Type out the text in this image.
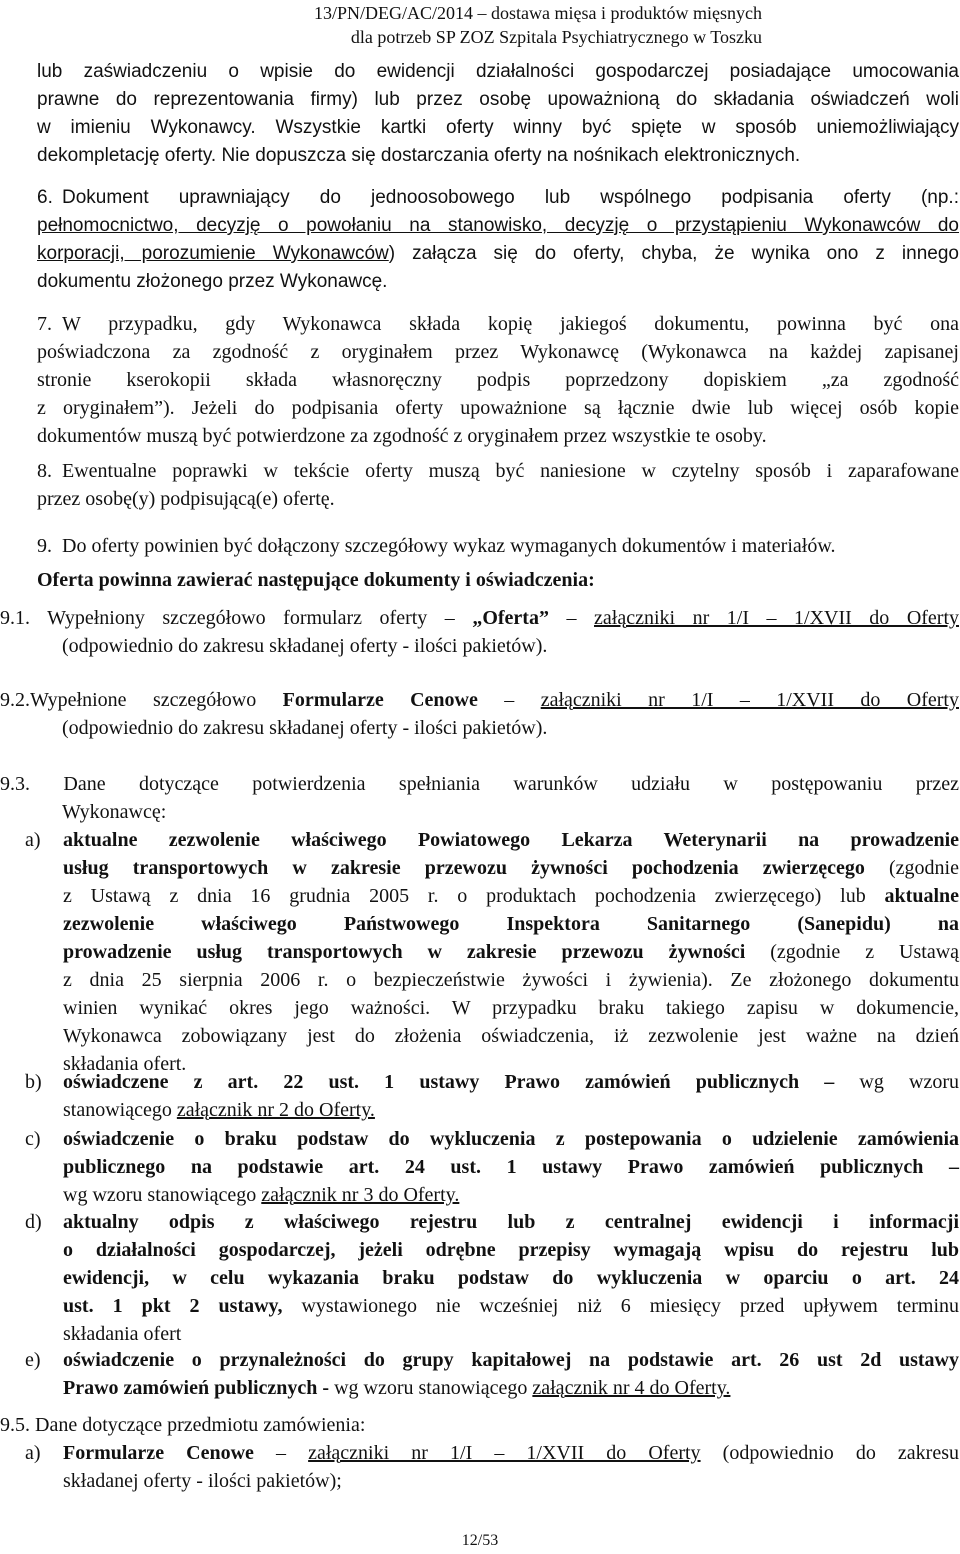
13/PN/DEG/AC/2014 – dostawa mięsa i produktów mięsnych
dla potrzeb SP ZOZ Szpitala Psychiatrycznego w Toszku
lub zaświadczeniu o wpisie do ewidencji działalności gospodarczej posiadające umocowania
prawne do reprezentowania firmy) lub przez osobę upoważnioną do składania oświadczeń woli
w imieniu Wykonawcy. Wszystkie kartki oferty winny być spięte w sposób uniemożliwiający
dekompletację oferty. Nie dopuszcza się dostarczania oferty na nośnikach elektronicznych.
6. Dokument uprawniający do jednoosobowego lub wspólnego podpisania oferty (np.:
pełnomocnictwo, decyzję o powołaniu na stanowisko, decyzję o przystąpieniu Wykonawców do
korporacji, porozumienie Wykonawców) załącza się do oferty, chyba, że wynika ono z innego
dokumentu złożonego przez Wykonawcę.
7. W przypadku, gdy Wykonawca składa kopię jakiegoś dokumentu, powinna być ona
poświadczona za zgodność z oryginałem przez Wykonawcę (Wykonawca na każdej zapisanej
stronie kserokopii składa własnoręczny podpis poprzedzony dopiskiem „za zgodność
z oryginałem”). Jeżeli do podpisania oferty upoważnione są łącznie dwie lub więcej osób kopie
dokumentów muszą być potwierdzone za zgodność z oryginałem przez wszystkie te osoby.
8. Ewentualne poprawki w tekście oferty muszą być naniesione w czytelny sposób i zaparafowane
przez osobę(y) podpisującą(e) ofertę.
9. Do oferty powinien być dołączony szczegółowy wykaz wymaganych dokumentów i materiałów.
Oferta powinna zawierać następujące dokumenty i oświadczenia:
9.1. Wypełniony szczegółowo formularz oferty – „Oferta” – załączniki nr 1/I – 1/XVII do Oferty
(odpowiednio do zakresu składanej oferty - ilości pakietów).
9.2.Wypełnione szczegółowo Formularze Cenowe – załączniki nr 1/I – 1/XVII do Oferty
(odpowiednio do zakresu składanej oferty - ilości pakietów).
9.3. Dane dotyczące potwierdzenia spełniania warunków udziału w postępowaniu przez
Wykonawcę:
a)	aktualne zezwolenie właściwego Powiatowego Lekarza Weterynarii na prowadzenie
usług transportowych w zakresie przewozu żywności pochodzenia zwierzęcego (zgodnie
z Ustawą z dnia 16 grudnia 2005 r. o produktach pochodzenia zwierzęcego) lub aktualne
zezwolenie właściwego Państwowego Inspektora Sanitarnego (Sanepidu) na
prowadzenie usług transportowych w zakresie przewozu żywności (zgodnie z Ustawą
z dnia 25 sierpnia 2006 r. o bezpieczeństwie żywości i żywienia). Ze złożonego dokumentu
winien wynikać okres jego ważności. W przypadku braku takiego zapisu w dokumencie,
Wykonawca zobowiązany jest do złożenia oświadczenia, iż zezwolenie jest ważne na dzień
składania ofert.
b)	oświadczene z art. 22 ust. 1 ustawy Prawo zamówień publicznych – wg wzoru
stanowiącego załącznik nr 2 do Oferty.
c)	oświadczenie o braku podstaw do wykluczenia z postepowania o udzielenie zamówienia
publicznego na podstawie art. 24 ust. 1 ustawy Prawo zamówień publicznych –
wg wzoru stanowiącego załącznik nr 3 do Oferty.
d)	aktualny odpis z właściwego rejestru lub z centralnej ewidencji i informacji
o działalności gospodarczej, jeżeli odrębne przepisy wymagają wpisu do rejestru lub
ewidencji, w celu wykazania braku podstaw do wykluczenia w oparciu o art. 24
ust. 1 pkt 2 ustawy, wystawionego nie wcześniej niż 6 miesięcy przed upływem terminu
składania ofert
e)	oświadczenie o przynależności do grupy kapitałowej na podstawie art. 26 ust 2d ustawy
Prawo zamówień publicznych - wg wzoru stanowiącego załącznik nr 4 do Oferty.
9.5. Dane dotyczące przedmiotu zamówienia:
a)	Formularze Cenowe – załączniki nr 1/I – 1/XVII do Oferty (odpowiednio do zakresu
składanej oferty - ilości pakietów);
12/53
